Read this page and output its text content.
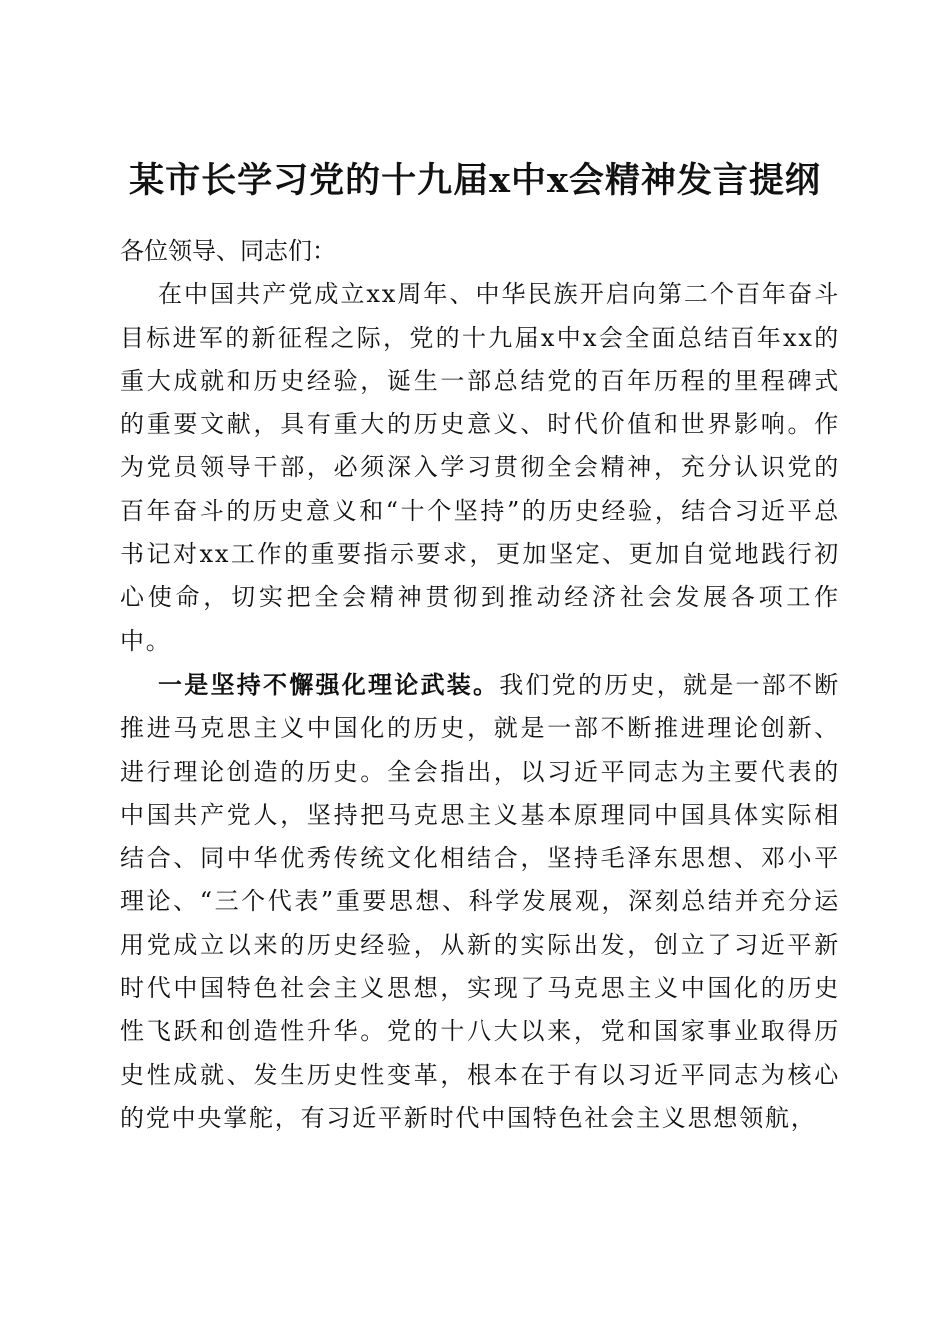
某市长学习党的十九届x中x会精神发言提纲

各位领导、同志们：

在中国共产党成立xx周年、中华民族开启向第二个百年奋斗目标进军的新征程之际，党的十九届x中x会全面总结百年xx的重大成就和历史经验，诞生一部总结党的百年历程的里程碑式的重要文献，具有重大的历史意义、时代价值和世界影响。作为党员领导干部，必须深入学习贯彻全会精神，充分认识党的百年奋斗的历史意义和“十个坚持”的历史经验，结合习近平总书记对xx工作的重要指示要求，更加坚定、更加自觉地践行初心使命，切实把全会精神贯彻到推动经济社会发展各项工作中。

一是坚持不懈强化理论武装。我们党的历史，就是一部不断推进马克思主义中国化的历史，就是一部不断推进理论创新、进行理论创造的历史。全会指出，以习近平同志为主要代表的中国共产党人，坚持把马克思主义基本原理同中国具体实际相结合、同中华优秀传统文化相结合，坚持毛泽东思想、邓小平理论、“三个代表”重要思想、科学发展观，深刻总结并充分运用党成立以来的历史经验，从新的实际出发，创立了习近平新时代中国特色社会主义思想，实现了马克思主义中国化的历史性飞跃和创造性升华。党的十八大以来，党和国家事业取得历史性成就、发生历史性变革，根本在于有以习近平同志为核心的党中央掌舵，有习近平新时代中国特色社会主义思想领航，
